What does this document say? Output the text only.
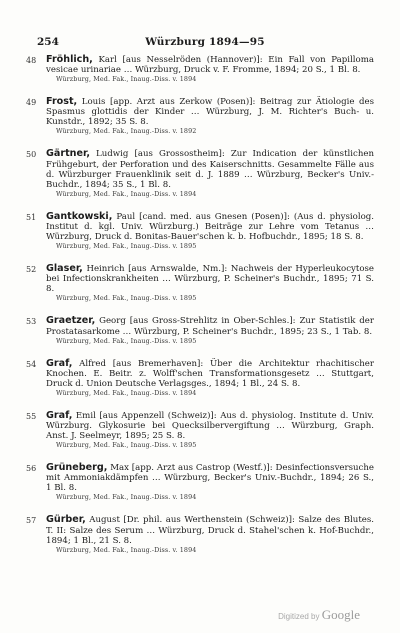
254	Würzburg 1894—95
48 Fröhlich, Karl [aus Nesselröden (Hannover)]: Ein Fall von Papilloma vesicae urinariae … Würzburg, Druck v. F. Fromme, 1894; 20 S., 1 Bl. 8.
Würzburg, Med. Fak., Inaug.-Diss. v. 1894
49 Frost, Louis [app. Arzt aus Zerkow (Posen)]: Beitrag zur Ätiologie des Spasmus glottidis der Kinder … Würzburg, J. M. Richter's Buch- u. Kunstdr., 1892; 35 S. 8.
Würzburg, Med. Fak., Inaug.-Diss. v. 1892
50 Gärtner, Ludwig [aus Grossostheim]: Zur Indication der künstlichen Frühgeburt, der Perforation und des Kaiserschnitts. Gesammelte Fälle aus d. Würzburger Frauenklinik seit d. J. 1889 … Würzburg, Becker's Univ.-Buchdr., 1894; 35 S., 1 Bl. 8.
Würzburg, Med. Fak., Inaug.-Diss. v. 1894
51 Gantkowski, Paul [cand. med. aus Gnesen (Posen)]: (Aus d. physiolog. Institut d. kgl. Univ. Würzburg.) Beiträge zur Lehre vom Tetanus … Würzburg, Druck d. Bonitas-Bauer'schen k. b. Hofbuchdr., 1895; 18 S. 8.
Würzburg, Med. Fak., Inaug.-Diss. v. 1895
52 Glaser, Heinrich [aus Arnswalde, Nm.]: Nachweis der Hyperleukocytose bei Infectionskrankheiten … Würzburg, P. Scheiner's Buchdr., 1895; 71 S. 8.
Würzburg, Med. Fak., Inaug.-Diss. v. 1895
53 Graetzer, Georg [aus Gross-Strehlitz in Ober-Schles.]: Zur Statistik der Prostatasarkome … Würzburg, P. Scheiner's Buchdr., 1895; 23 S., 1 Tab. 8.
Würzburg, Med. Fak., Inaug.-Diss. v. 1895
54 Graf, Alfred [aus Bremerhaven]: Über die Architektur rhachitischer Knochen. E. Beitr. z. Wolff'schen Transformationsgesetz … Stuttgart, Druck d. Union Deutsche Verlagsges., 1894; 1 Bl., 24 S. 8.
Würzburg, Med. Fak., Inaug.-Diss. v. 1894
55 Graf, Emil [aus Appenzell (Schweiz)]: Aus d. physiolog. Institute d. Univ. Würzburg. Glykosurie bei Quecksilbervergiftung … Würzburg, Graph. Anst. J. Seelmeyr, 1895; 25 S. 8.
Würzburg, Med. Fak., Inaug.-Diss. v. 1895
56 Grüneberg, Max [app. Arzt aus Castrop (Westf.)]: Desinfectionsversuche mit Ammoniakdämpfen … Würzburg, Becker's Univ.-Buchdr., 1894; 26 S., 1 Bl. 8.
Würzburg, Med. Fak., Inaug.-Diss. v. 1894
57 Gürber, August [Dr. phil. aus Werthenstein (Schweiz)]: Salze des Blutes. T. II: Salze des Serum … Würzburg, Druck d. Stahel'schen k. Hof-Buchdr., 1894; 1 Bl., 21 S. 8.
Würzburg, Med. Fak., Inaug.-Diss. v. 1894
Digitized by Google
